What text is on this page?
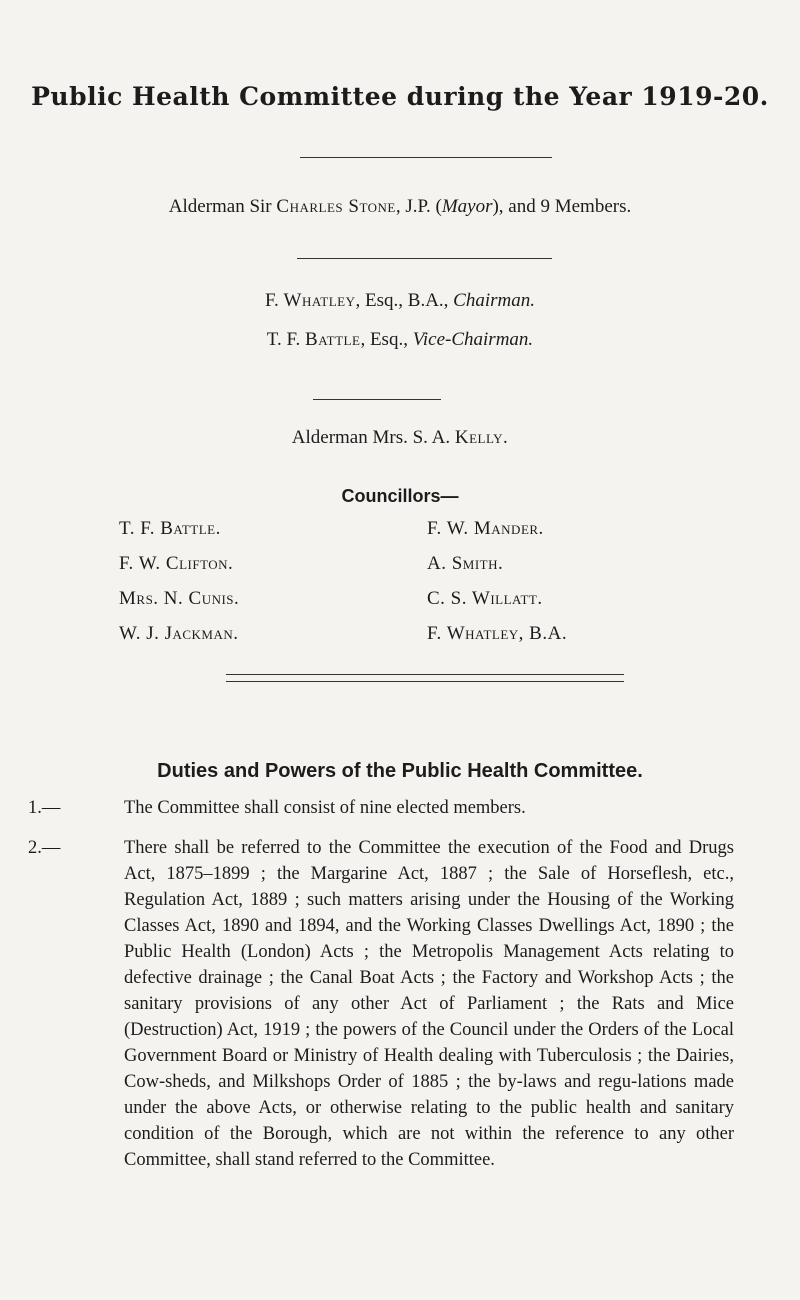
Public Health Committee during the Year 1919-20.
Alderman Sir Charles Stone, J.P. (Mayor), and 9 Members.
F. Whatley, Esq., B.A., Chairman.
T. F. Battle, Esq., Vice-Chairman.
Alderman Mrs. S. A. Kelly.
Councillors—
T. F. Battle.
F. W. Clifton.
Mrs. N. Cunis.
W. J. Jackman.
F. W. Mander.
A. Smith.
C. S. Willatt.
F. Whatley, B.A.
Duties and Powers of the Public Health Committee.
1.—	The Committee shall consist of nine elected members.
2.—	There shall be referred to the Committee the execution of the Food and Drugs Act, 1875–1899 ; the Margarine Act, 1887 ; the Sale of Horseflesh, etc., Regulation Act, 1889 ; such matters arising under the Housing of the Working Classes Act, 1890 and 1894, and the Working Classes Dwellings Act, 1890 ; the Public Health (London) Acts ; the Metropolis Management Acts relating to defective drainage ; the Canal Boat Acts ; the Factory and Workshop Acts ; the sanitary provisions of any other Act of Parliament ; the Rats and Mice (Destruction) Act, 1919 ; the powers of the Council under the Orders of the Local Government Board or Ministry of Health dealing with Tuberculosis ; the Dairies, Cow-sheds, and Milkshops Order of 1885 ; the by-laws and regu-lations made under the above Acts, or otherwise relating to the public health and sanitary condition of the Borough, which are not within the reference to any other Committee, shall stand referred to the Committee.
